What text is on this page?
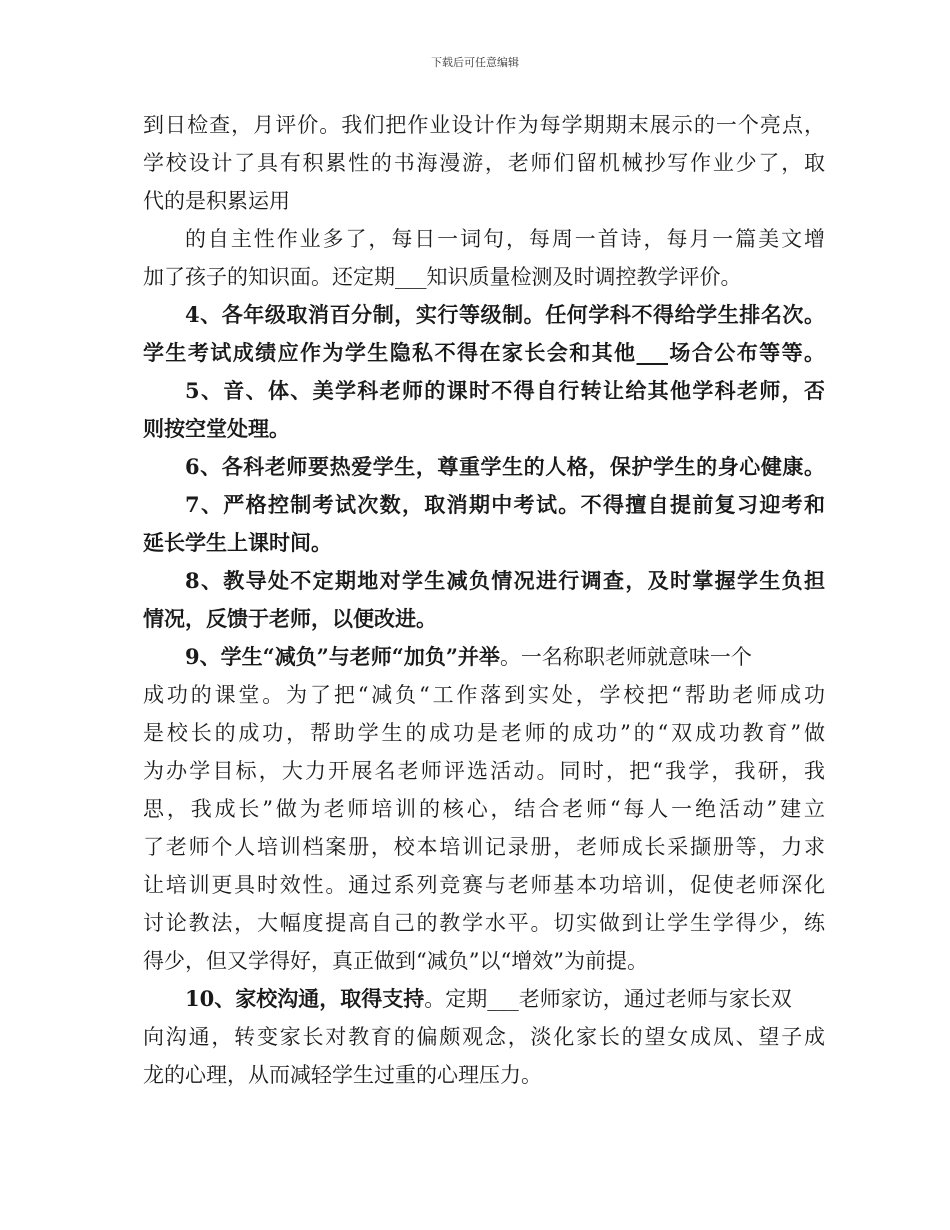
下载后可任意编辑
到日检查，月评价。我们把作业设计作为每学期期末展示的一个亮点，
学校设计了具有积累性的书海漫游，老师们留机械抄写作业少了，取
代的是积累运用
的自主性作业多了，每日一词句，每周一首诗，每月一篇美文增
加了孩子的知识面。还定期___知识质量检测及时调控教学评价。
4、各年级取消百分制，实行等级制。任何学科不得给学生排名次。
学生考试成绩应作为学生隐私不得在家长会和其他___场合公布等等。
5、音、体、美学科老师的课时不得自行转让给其他学科老师，否
则按空堂处理。
6、各科老师要热爱学生，尊重学生的人格，保护学生的身心健康。
7、严格控制考试次数，取消期中考试。不得擅自提前复习迎考和
延长学生上课时间。
8、教导处不定期地对学生减负情况进行调查，及时掌握学生负担
情况，反馈于老师，以便改进。
9、学生“减负”与老师“加负”并举。一名称职老师就意味一个
成功的课堂。为了把“减负“工作落到实处，学校把“帮助老师成功
是校长的成功，帮助学生的成功是老师的成功”的“双成功教育”做
为办学目标，大力开展名老师评选活动。同时，把“我学，我研，我
思，我成长”做为老师培训的核心，结合老师“每人一绝活动”建立
了老师个人培训档案册，校本培训记录册，老师成长采撷册等，力求
让培训更具时效性。通过系列竞赛与老师基本功培训，促使老师深化
讨论教法，大幅度提高自己的教学水平。切实做到让学生学得少，练
得少，但又学得好，真正做到“减负”以“增效”为前提。
10、家校沟通，取得支持。定期___老师家访，通过老师与家长双
向沟通，转变家长对教育的偏颇观念，淡化家长的望女成凤、望子成
龙的心理，从而减轻学生过重的心理压力。
